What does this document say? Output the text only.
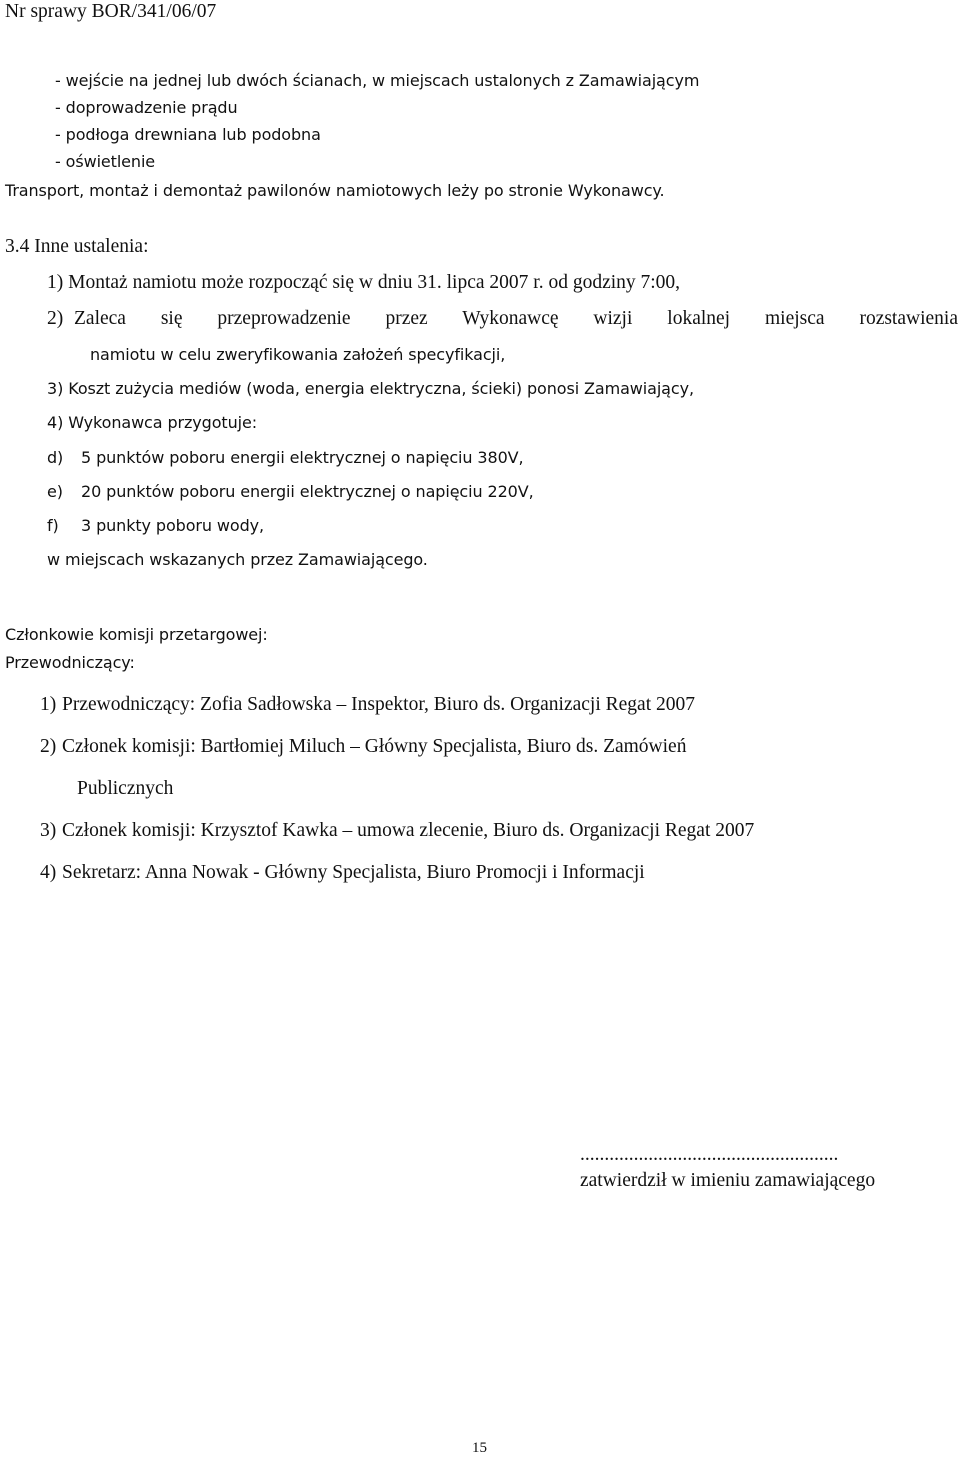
Nr sprawy BOR/341/06/07
- wejście na jednej lub dwóch ścianach, w miejscach ustalonych z Zamawiającym
- doprowadzenie prądu
- podłoga drewniana lub podobna
- oświetlenie
Transport, montaż i demontaż pawilonów namiotowych leży po stronie Wykonawcy.
3.4 Inne ustalenia:
1) Montaż namiotu może rozpocząć się w dniu 31. lipca 2007 r. od godziny 7:00,
2) Zaleca się przeprowadzenie przez Wykonawcę wizji lokalnej miejsca rozstawienia
namiotu w celu zweryfikowania założeń specyfikacji,
3) Koszt zużycia mediów (woda, energia elektryczna, ścieki) ponosi Zamawiający,
4) Wykonawca przygotuje:
d) 5 punktów poboru energii elektrycznej o napięciu 380V,
e) 20 punktów poboru energii elektrycznej o napięciu 220V,
f) 3 punkty poboru wody,
w miejscach wskazanych przez Zamawiającego.
Członkowie komisji przetargowej:
Przewodniczący:
1) Przewodniczący: Zofia Sadłowska – Inspektor, Biuro ds. Organizacji Regat 2007
2) Członek komisji: Bartłomiej Miluch – Główny Specjalista, Biuro ds. Zamówień
Publicznych
3) Członek komisji: Krzysztof Kawka – umowa zlecenie, Biuro ds. Organizacji Regat 2007
4) Sekretarz: Anna Nowak - Główny Specjalista, Biuro Promocji i Informacji
.....................................................
zatwierdził w imieniu zamawiającego
15
